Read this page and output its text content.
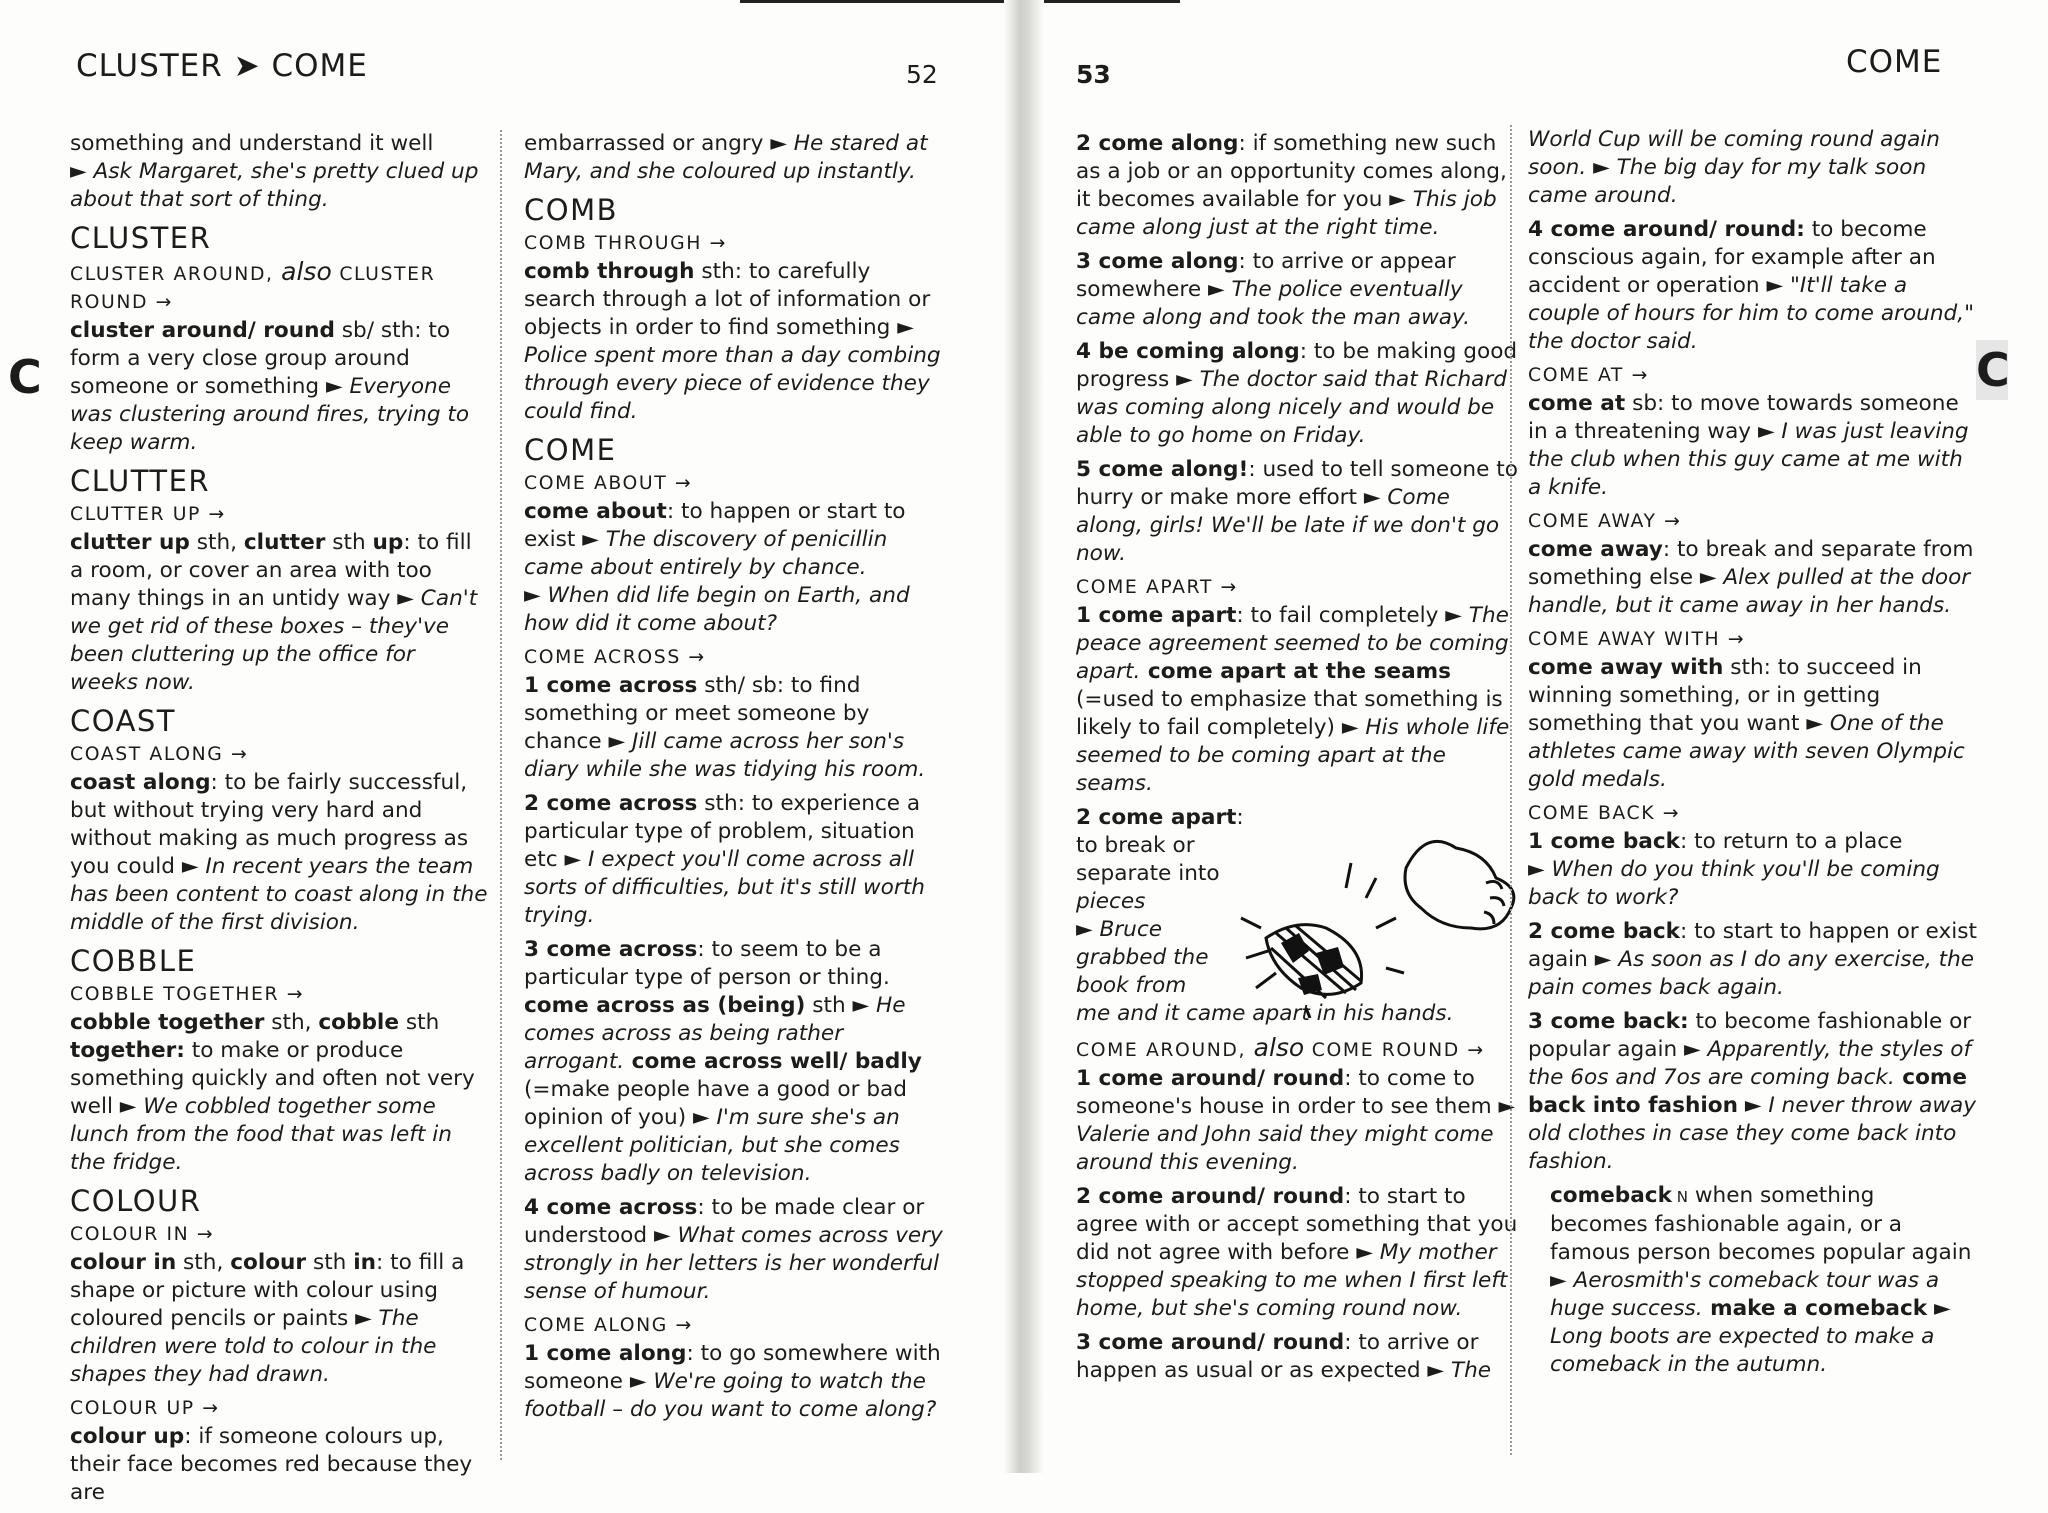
CLUSTER ➤ COME	52
C

something and understand it well
► Ask Margaret, she's pretty clued up about that sort of thing.

CLUSTER
CLUSTER AROUND, also CLUSTER ROUND →

cluster around/ round sb/ sth: to form a very close group around someone or something ► Everyone was clustering around fires, trying to keep warm.

CLUTTER
CLUTTER UP →

clutter up sth, clutter sth up: to fill a room, or cover an area with too many things in an untidy way ► Can't we get rid of these boxes – they've been cluttering up the office for weeks now.

COAST
COAST ALONG →

coast along: to be fairly successful, but without trying very hard and without making as much progress as you could ► In recent years the team has been content to coast along in the middle of the first division.

COBBLE
COBBLE TOGETHER →

cobble together sth, cobble sth together: to make or produce something quickly and often not very well ► We cobbled together some lunch from the food that was left in the fridge.

COLOUR
COLOUR IN →

colour in sth, colour sth in: to fill a shape or picture with colour using coloured pencils or paints ► The children were told to colour in the shapes they had drawn.

COLOUR UP →

colour up: if someone colours up, their face becomes red because they are

embarrassed or angry ► He stared at Mary, and she coloured up instantly.

COMB
COMB THROUGH →

comb through sth: to carefully search through a lot of information or objects in order to find something ► Police spent more than a day combing through every piece of evidence they could find.

COME
COME ABOUT →

come about: to happen or start to exist ► The discovery of penicillin came about entirely by chance.
► When did life begin on Earth, and how did it come about?

COME ACROSS →

1 come across sth/ sb: to find something or meet someone by chance ► Jill came across her son's diary while she was tidying his room.

2 come across sth: to experience a particular type of problem, situation etc ► I expect you'll come across all sorts of difficulties, but it's still worth trying.

3 come across: to seem to be a particular type of person or thing. come across as (being) sth ► He comes across as being rather arrogant. come across well/ badly (=make people have a good or bad opinion of you) ► I'm sure she's an excellent politician, but she comes across badly on television.

4 come across: to be made clear or understood ► What comes across very strongly in her letters is her wonderful sense of humour.

COME ALONG →

1 come along: to go somewhere with someone ► We're going to watch the football – do you want to come along?

53	COME
C

2 come along: if something new such as a job or an opportunity comes along, it becomes available for you ► This job came along just at the right time.

3 come along: to arrive or appear somewhere ► The police eventually came along and took the man away.

4 be coming along: to be making good progress ► The doctor said that Richard was coming along nicely and would be able to go home on Friday.

5 come along!: used to tell someone to hurry or make more effort ► Come along, girls! We'll be late if we don't go now.

COME APART →

1 come apart: to fail completely ► The peace agreement seemed to be coming apart. come apart at the seams (=used to emphasize that something is likely to fail completely) ► His whole life seemed to be coming apart at the seams.

2 come apart:
to break or
separate into
pieces
► Bruce
grabbed the
book from
me and it came apart in his hands.

COME AROUND, also COME ROUND →

1 come around/ round: to come to someone's house in order to see them ► Valerie and John said they might come around this evening.

2 come around/ round: to start to agree with or accept something that you did not agree with before ► My mother stopped speaking to me when I first left home, but she's coming round now.

3 come around/ round: to arrive or happen as usual or as expected ► The

World Cup will be coming round again soon. ► The big day for my talk soon came around.

4 come around/ round: to become conscious again, for example after an accident or operation ► "It'll take a couple of hours for him to come around," the doctor said.

COME AT →

come at sb: to move towards someone in a threatening way ► I was just leaving the club when this guy came at me with a knife.

COME AWAY →

come away: to break and separate from something else ► Alex pulled at the door handle, but it came away in her hands.

COME AWAY WITH →

come away with sth: to succeed in winning something, or in getting something that you want ► One of the athletes came away with seven Olympic gold medals.

COME BACK →

1 come back: to return to a place
► When do you think you'll be coming back to work?

2 come back: to start to happen or exist again ► As soon as I do any exercise, the pain comes back again.

3 come back: to become fashionable or popular again ► Apparently, the styles of the 6os and 7os are coming back. come back into fashion ► I never throw away old clothes in case they come back into fashion.

comeback N when something becomes fashionable again, or a famous person becomes popular again ► Aerosmith's comeback tour was a huge success. make a comeback ► Long boots are expected to make a comeback in the autumn.
